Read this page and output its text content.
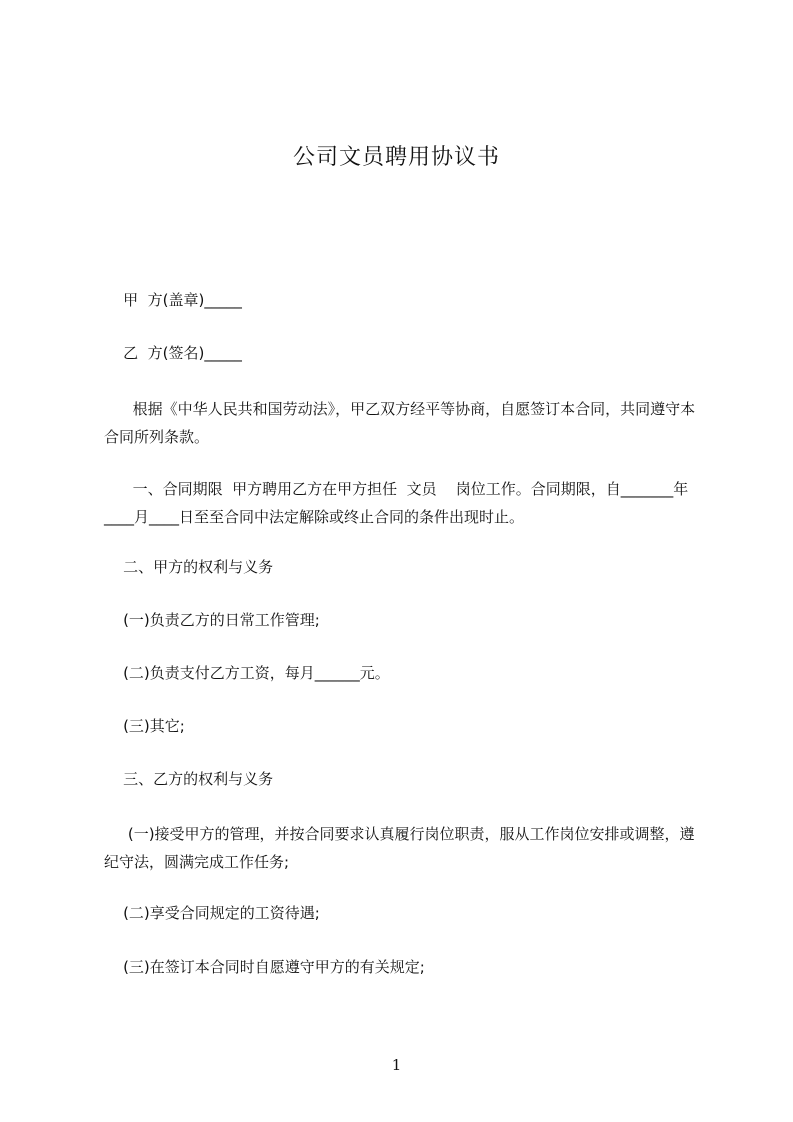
公司文员聘用协议书

甲  方(盖章)_____

乙  方(签名)_____

根据《中华人民共和国劳动法》，甲乙双方经平等协商，自愿签订本合同，共同遵守本合同所列条款。

一、合同期限  甲方聘用乙方在甲方担任  文员    岗位工作。合同期限，自_______年____月____日至至合同中法定解除或终止合同的条件出现时止。

二、甲方的权利与义务

(一)负责乙方的日常工作管理;

(二)负责支付乙方工资，每月______元。

(三)其它;

三、乙方的权利与义务

(一)接受甲方的管理，并按合同要求认真履行岗位职责，服从工作岗位安排或调整，遵纪守法，圆满完成工作任务;

(二)享受合同规定的工资待遇;

(三)在签订本合同时自愿遵守甲方的有关规定;

1
